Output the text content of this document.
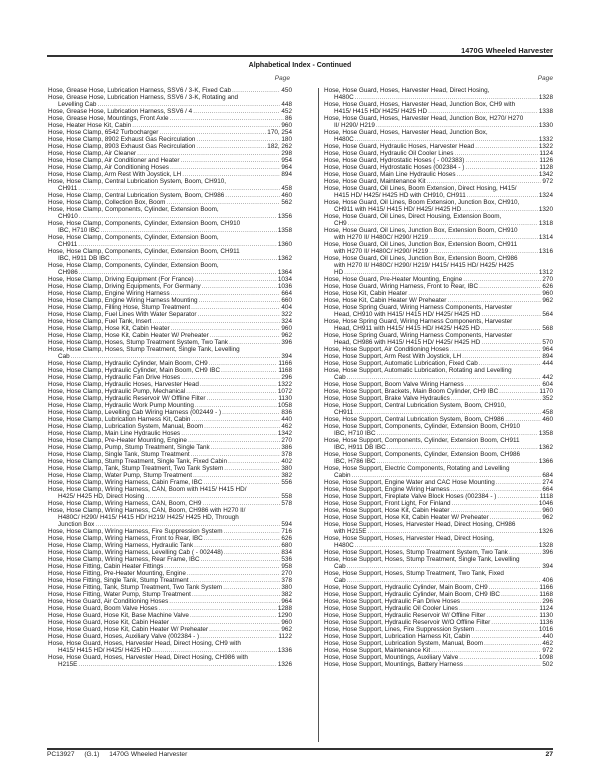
1470G Wheeled Harvester
Alphabetical Index - Continued
Page	Page
Hose, Grease Hose, Lubrication Harness, SSV6 / 3-K, Fixed Cab .....	450
Hose, Grease Hose, Lubrication Harness, SSV6 / 3-K, Rotating and
Levelling Cab .....	448
Hose, Grease Hose, Lubrication Harness, SSV6 / 4 .....	452
Hose, Grease Hose, Mountings, Front Axle .....	86
Hose, Heater Hose Kit, Cabin .....	960
Hose, Hose Clamp, 6542 Turbocharger .....	170, 254
Hose, Hose Clamp, 8902 Exhaust Gas Recirculation .....	180
Hose, Hose Clamp, 8903 Exhaust Gas Recirculation .....	182, 262
Hose, Hose Clamp, Air Cleaner .....	298
Hose, Hose Clamp, Air Conditioner and Heater .....	954
Hose, Hose Clamp, Air Conditioning Hoses .....	964
Hose, Hose Clamp, Arm Rest With Joystick, LH .....	894
Hose, Hose Clamp, Central Lubrication System, Boom, CH910,
CH911 .....	458
Hose, Hose Clamp, Central Lubrication System, Boom, CH986 .....	460
Hose, Hose Clamp, Collection Box, Boom .....	562
Hose, Hose Clamp, Components, Cylinder, Extension Boom,
CH910 .....	1356
Hose, Hose Clamp, Components, Cylinder, Extension Boom, CH910
IBC, H710 IBC .....	1358
Hose, Hose Clamp, Components, Cylinder, Extension Boom,
CH911 .....	1360
Hose, Hose Clamp, Components, Cylinder, Extension Boom, CH911
IBC, H911 DB IBC .....	1362
Hose, Hose Clamp, Components, Cylinder, Extension Boom,
CH986 .....	1364
Hose, Hose Clamp, Driving Equipment (For France) .....	1034
Hose, Hose Clamp, Driving Equipments, For Germany .....	1036
Hose, Hose Clamp, Engine Wiring Harness .....	664
Hose, Hose Clamp, Engine Wiring Harness Mounting .....	660
Hose, Hose Clamp, Filling Hose, Stump Treatment .....	404
Hose, Hose Clamp, Fuel Lines With Water Separator .....	322
Hose, Hose Clamp, Fuel Tank, Insert .....	324
Hose, Hose Clamp, Hose Kit, Cabin Heater .....	960
Hose, Hose Clamp, Hose Kit, Cabin Heater W/ Preheater .....	962
Hose, Hose Clamp, Hoses, Stump Treatment System, Two Tank .....	396
Hose, Hose Clamp, Hoses, Stump Treatment, Single Tank, Levelling
Cab .....	394
Hose, Hose Clamp, Hydraulic Cylinder, Main Boom, CH9 .....	1166
Hose, Hose Clamp, Hydraulic Cylinder, Main Boom, CH9 IBC .....	1168
Hose, Hose Clamp, Hydraulic Fan Drive Hoses .....	296
Hose, Hose Clamp, Hydraulic Hoses, Harvester Head .....	1322
Hose, Hose Clamp, Hydraulic Pump, Mechanical .....	1072
Hose, Hose Clamp, Hydraulic Reservoir W/ Offline Filter .....	1130
Hose, Hose Clamp, Hydraulic Work Pump Mounting .....	1058
Hose, Hose Clamp, Levelling Cab Wiring Harness (002449 - ) .....	836
Hose, Hose Clamp, Lubrication Harness Kit, Cabin .....	440
Hose, Hose Clamp, Lubrication System, Manual, Boom .....	462
Hose, Hose Clamp, Main Line Hydraulic Hoses .....	1342
Hose, Hose Clamp, Pre-Heater Mounting, Engine .....	270
Hose, Hose Clamp, Pump, Stump Treatment, Single Tank .....	386
Hose, Hose Clamp, Single Tank, Stump Treatment .....	378
Hose, Hose Clamp, Stump Treatment, Single Tank, Fixed Cabin .....	402
Hose, Hose Clamp, Tank, Stump Treatment, Two Tank System .....	380
Hose, Hose Clamp, Water Pump, Stump Treatment .....	382
Hose, Hose Clamp, Wiring Harness, Cabin Frame, IBC .....	556
Hose, Hose Clamp, Wiring Harness, CAN, Boom with H415/ H415 HD/
H425/ H425 HD, Direct Hosing .....	558
Hose, Hose Clamp, Wiring Harness, CAN, Boom, CH9 .....	578
Hose, Hose Clamp, Wiring Harness, CAN, Boom, CH986 with H270 II/
H480C/ H290/ H415/ H415 HD/ H219/ H425/ H425 HD, Through
Junction Box .....	594
Hose, Hose Clamp, Wiring Harness, Fire Suppression System .....	716
Hose, Hose Clamp, Wiring Harness, Front to Rear, IBC .....	626
Hose, Hose Clamp, Wiring Harness, Hydraulic Tank .....	680
Hose, Hose Clamp, Wiring Harness, Levelling Cab ( - 002448) .....	834
Hose, Hose Clamp, Wiring Harness, Rear Frame, IBC .....	536
Hose, Hose Fitting, Cabin Heater Fittings .....	958
Hose, Hose Fitting, Pre-Heater Mounting, Engine .....	270
Hose, Hose Fitting, Single Tank, Stump Treatment .....	378
Hose, Hose Fitting, Tank, Stump Treatment, Two Tank System .....	380
Hose, Hose Fitting, Water Pump, Stump Treatment .....	382
Hose, Hose Guard, Air Conditioning Hoses .....	964
Hose, Hose Guard, Boom Valve Hoses .....	1288
Hose, Hose Guard, Hose Kit, Base Machine Valve .....	1290
Hose, Hose Guard, Hose Kit, Cabin Heater .....	960
Hose, Hose Guard, Hose Kit, Cabin Heater W/ Preheater .....	962
Hose, Hose Guard, Hoses, Auxiliary Valve (002384 - ) .....	1122
Hose, Hose Guard, Hoses, Harvester Head, Direct Hosing, CH9 with
H415/ H415 HD/ H425/ H425 HD .....	1336
Hose, Hose Guard, Hoses, Harvester Head, Direct Hosing, CH986 with
H215E .....	1326
Hose, Hose Guard, Hoses, Harvester Head, Direct Hosing,
H480C .....	1328
Hose, Hose Guard, Hoses, Harvester Head, Junction Box, CH9 with
H415/ H415 HD/ H425/ H425 HD .....	1338
Hose, Hose Guard, Hoses, Harvester Head, Junction Box, H270/ H270
II/ H290/ H219 .....	1330
Hose, Hose Guard, Hoses, Harvester Head, Junction Box,
H480C .....	1332
Hose, Hose Guard, Hydraulic Hoses, Harvester Head .....	1322
Hose, Hose Guard, Hydraulic Oil Cooler Lines .....	1124
Hose, Hose Guard, Hydrostatic Hoses ( - 002383) .....	1126
Hose, Hose Guard, Hydrostatic Hoses (002384 - ) .....	1128
Hose, Hose Guard, Main Line Hydraulic Hoses .....	1342
Hose, Hose Guard, Maintenance Kit .....	972
Hose, Hose Guard, Oil Lines, Boom Extension, Direct Hosing, H415/
H415 HD/ H425/ H425 HD with CH910, CH911 .....	1324
Hose, Hose Guard, Oil Lines, Boom Extension, Junction Box, CH910,
CH911 with H415/ H415 HD/ H425/ H425 HD .....	1320
Hose, Hose Guard, Oil Lines, Direct Housing, Extension Boom,
CH9 .....	1318
Hose, Hose Guard, Oil Lines, Junction Box, Extension Boom, CH910
with H270 II/ H480C/ H290/ H219 .....	1314
Hose, Hose Guard, Oil Lines, Junction Box, Extension Boom, CH911
with H270 II/ H480C/ H290/ H219 .....	1316
Hose, Hose Guard, Oil Lines, Junction Box, Extension Boom, CH986
with H270 II/ H480C/ H290/ H219/ H415/ H415 HD/ H425/ H425
HD .....	1312
Hose, Hose Guard, Pre-Heater Mounting, Engine .....	270
Hose, Hose Guard, Wiring Harness, Front to Rear, IBC .....	626
Hose, Hose Kit, Cabin Heater .....	960
Hose, Hose Kit, Cabin Heater W/ Preheater .....	962
Hose, Hose Spring Guard, Wiring Harness Components, Harvester
Head, CH910 with H415/ H415 HD/ H425/ H425 HD .....	564
Hose, Hose Spring Guard, Wiring Harness Components, Harvester
Head, CH911 with H415/ H415 HD/ H425/ H425 HD .....	568
Hose, Hose Spring Guard, Wiring Harness Components, Harvester
Head, CH986 with H415/ H415 HD/ H425/ H425 HD .....	570
Hose, Hose Support, Air Conditioning Hoses .....	964
Hose, Hose Support, Arm Rest With Joystick, LH .....	894
Hose, Hose Support, Automatic Lubrication, Fixed Cab .....	444
Hose, Hose Support, Automatic Lubrication, Rotating and Levelling
Cab .....	442
Hose, Hose Support, Boom Valve Wiring Harness .....	604
Hose, Hose Support, Brackets, Main Boom Cylinder, CH9 IBC .....	1170
Hose, Hose Support, Brake Valve Hydraulics .....	352
Hose, Hose Support, Central Lubrication System, Boom, CH910,
CH911 .....	458
Hose, Hose Support, Central Lubrication System, Boom, CH986 .....	460
Hose, Hose Support, Components, Cylinder, Extension Boom, CH910
IBC, H710 IBC .....	1358
Hose, Hose Support, Components, Cylinder, Extension Boom, CH911
IBC, H911 DB IBC .....	1362
Hose, Hose Support, Components, Cylinder, Extension Boom, CH986
IBC, H786 IBC .....	1366
Hose, Hose Support, Electric Components, Rotating and Levelling
Cabin .....	684
Hose, Hose Support, Engine Water and CAC Hose Mounting .....	274
Hose, Hose Support, Engine Wiring Harness .....	664
Hose, Hose Support, Fireplate Valve Block Hoses (002384 - ) .....	1118
Hose, Hose Support, Front Light, For Finland .....	1046
Hose, Hose Support, Hose Kit, Cabin Heater .....	960
Hose, Hose Support, Hose Kit, Cabin Heater W/ Preheater .....	962
Hose, Hose Support, Hoses, Harvester Head, Direct Hosing, CH986
with H215E .....	1326
Hose, Hose Support, Hoses, Harvester Head, Direct Hosing,
H480C .....	1328
Hose, Hose Support, Hoses, Stump Treatment System, Two Tank .....	396
Hose, Hose Support, Hoses, Stump Treatment, Single Tank, Levelling
Cab .....	394
Hose, Hose Support, Hoses, Stump Treatment, Two Tank, Fixed
Cab .....	406
Hose, Hose Support, Hydraulic Cylinder, Main Boom, CH9 .....	1166
Hose, Hose Support, Hydraulic Cylinder, Main Boom, CH9 IBC .....	1168
Hose, Hose Support, Hydraulic Fan Drive Hoses .....	296
Hose, Hose Support, Hydraulic Oil Cooler Lines .....	1124
Hose, Hose Support, Hydraulic Reservoir W/ Offline Filter .....	1130
Hose, Hose Support, Hydraulic Reservoir W/O Offline Filter .....	1136
Hose, Hose Support, Lines, Fire Suppression System .....	1016
Hose, Hose Support, Lubrication Harness Kit, Cabin .....	440
Hose, Hose Support, Lubrication System, Manual, Boom .....	462
Hose, Hose Support, Maintenance Kit .....	972
Hose, Hose Support, Mountings, Auxiliary Valve .....	1098
Hose, Hose Support, Mountings, Battery Harness .....	502
PC13927 (G.1) 1470G Wheeled Harvester	27
